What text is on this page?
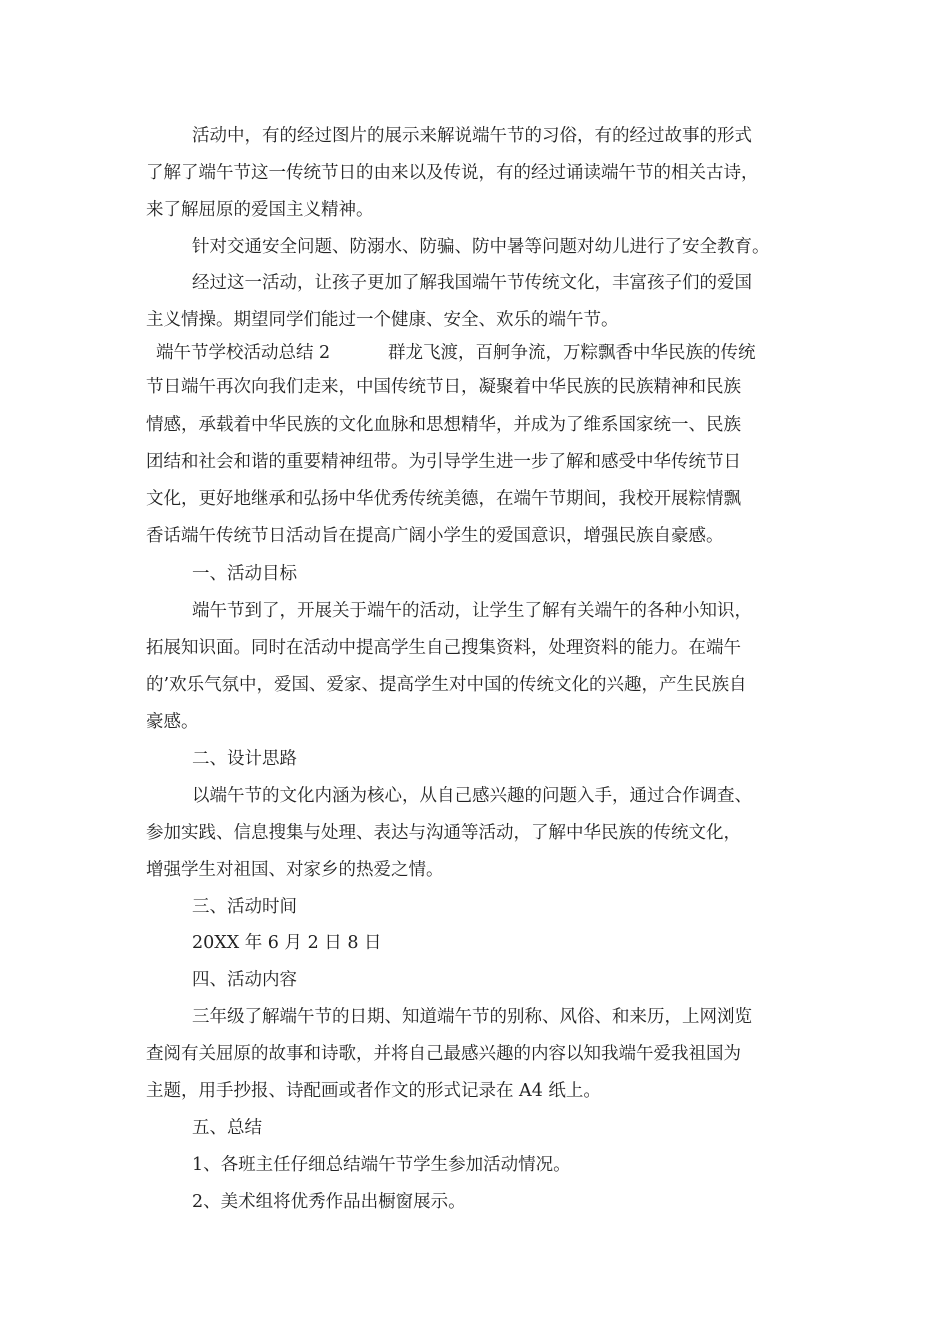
活动中，有的经过图片的展示来解说端午节的习俗，有的经过故事的形式
了解了端午节这一传统节日的由来以及传说，有的经过诵读端午节的相关古诗，
来了解屈原的爱国主义精神。
针对交通安全问题、防溺水、防骗、防中暑等问题对幼儿进行了安全教育。
经过这一活动，让孩子更加了解我国端午节传统文化，丰富孩子们的爱国
主义情操。期望同学们能过一个健康、安全、欢乐的端午节。
端午节学校活动总结 2	群龙飞渡，百舸争流，万粽飘香中华民族的传统
节日端午再次向我们走来，中国传统节日，凝聚着中华民族的民族精神和民族
情感，承载着中华民族的文化血脉和思想精华，并成为了维系国家统一、民族
团结和社会和谐的重要精神纽带。为引导学生进一步了解和感受中华传统节日
文化，更好地继承和弘扬中华优秀传统美德，在端午节期间，我校开展粽情飘
香话端午传统节日活动旨在提高广阔小学生的爱国意识，增强民族自豪感。
一、活动目标
端午节到了，开展关于端午的活动，让学生了解有关端午的各种小知识，
拓展知识面。同时在活动中提高学生自己搜集资料，处理资料的能力。在端午
的’欢乐气氛中，爱国、爱家、提高学生对中国的传统文化的兴趣，产生民族自
豪感。
二、设计思路
以端午节的文化内涵为核心，从自己感兴趣的问题入手，通过合作调查、
参加实践、信息搜集与处理、表达与沟通等活动，了解中华民族的传统文化，
增强学生对祖国、对家乡的热爱之情。
三、活动时间
20XX 年 6 月 2 日 8 日
四、活动内容
三年级了解端午节的日期、知道端午节的别称、风俗、和来历，上网浏览
查阅有关屈原的故事和诗歌，并将自己最感兴趣的内容以知我端午爱我祖国为
主题，用手抄报、诗配画或者作文的形式记录在 A4 纸上。
五、总结
1、各班主任仔细总结端午节学生参加活动情况。
2、美术组将优秀作品出橱窗展示。
